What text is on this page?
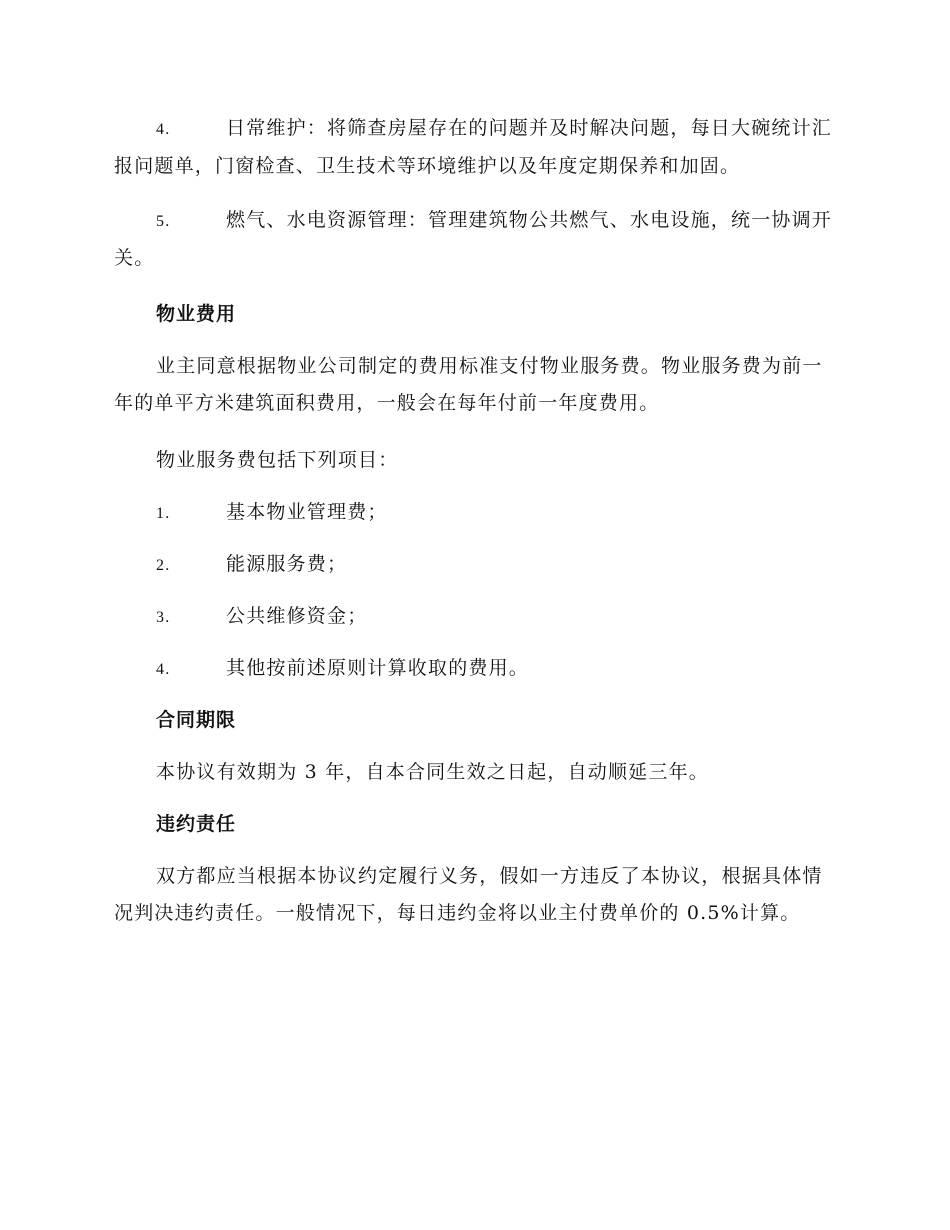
4.	日常维护：将筛查房屋存在的问题并及时解决问题，每日大碗统计汇报问题单，门窗检查、卫生技术等环境维护以及年度定期保养和加固。

5.	燃气、水电资源管理：管理建筑物公共燃气、水电设施，统一协调开关。

物业费用

业主同意根据物业公司制定的费用标准支付物业服务费。物业服务费为前一年的单平方米建筑面积费用，一般会在每年付前一年度费用。

物业服务费包括下列项目：

1.	基本物业管理费；

2.	能源服务费；

3.	公共维修资金；

4.	其他按前述原则计算收取的费用。

合同期限

本协议有效期为 3 年，自本合同生效之日起，自动顺延三年。

违约责任

双方都应当根据本协议约定履行义务，假如一方违反了本协议，根据具体情况判决违约责任。一般情况下，每日违约金将以业主付费单价的 0.5%计算。
